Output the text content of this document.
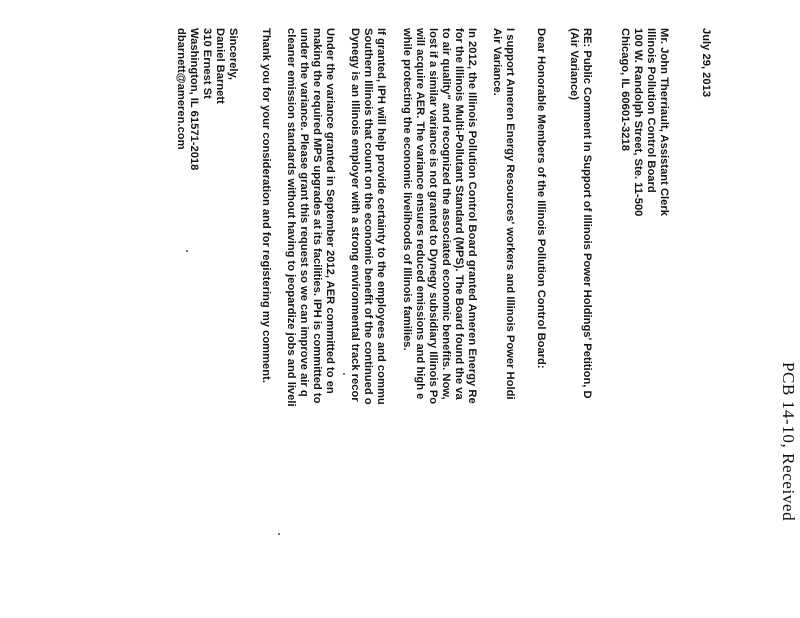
PCB 14-10, Received
July 29, 2013
Mr. John Therriault, Assistant Clerk
Illinois Pollution Control Board
100 W. Randolph Street, Ste. 11-500
Chicago, IL 60601-3218
RE: Public Comment In Support of Illinois Power Holdings' Petition, D
(Air Variance)
Dear Honorable Members of the Illinois Pollution Control Board:
I support Ameren Energy Resources' workers and Illinois Power Holdi
Air Variance.
In 2012, the Illinois Pollution Control Board granted Ameren Energy Re
for the Illinois Multi-Pollutant Standard (MPS). The Board found the va
to air quality" and recognized the associated economic benefits. Now,
lost if a similar variance is not granted to Dynegy subsidiary Illinois Po
will acquire AER. The variance ensures reduced emissions and high e
while protecting the economic livelihoods of Illinois families.
If granted, IPH will help provide certainty to the employees and commu
Southern Illinois that count on the economic benefit of the continued o
Dynegy is an Illinois employer with a strong environmental track recor
Under the variance granted in September 2012, AER committed to en
making the required MPS upgrades at its facilities. IPH is committed to
under the variance. Please grant this request so we can improve air q
cleaner emission standards without having to jeopardize jobs and liveli
Thank you for your consideration and for registering my comment.
Sincerely,
Daniel Barnett
310 Ernest St
Washington, IL 61571-2018
dbarnett@ameren.com
